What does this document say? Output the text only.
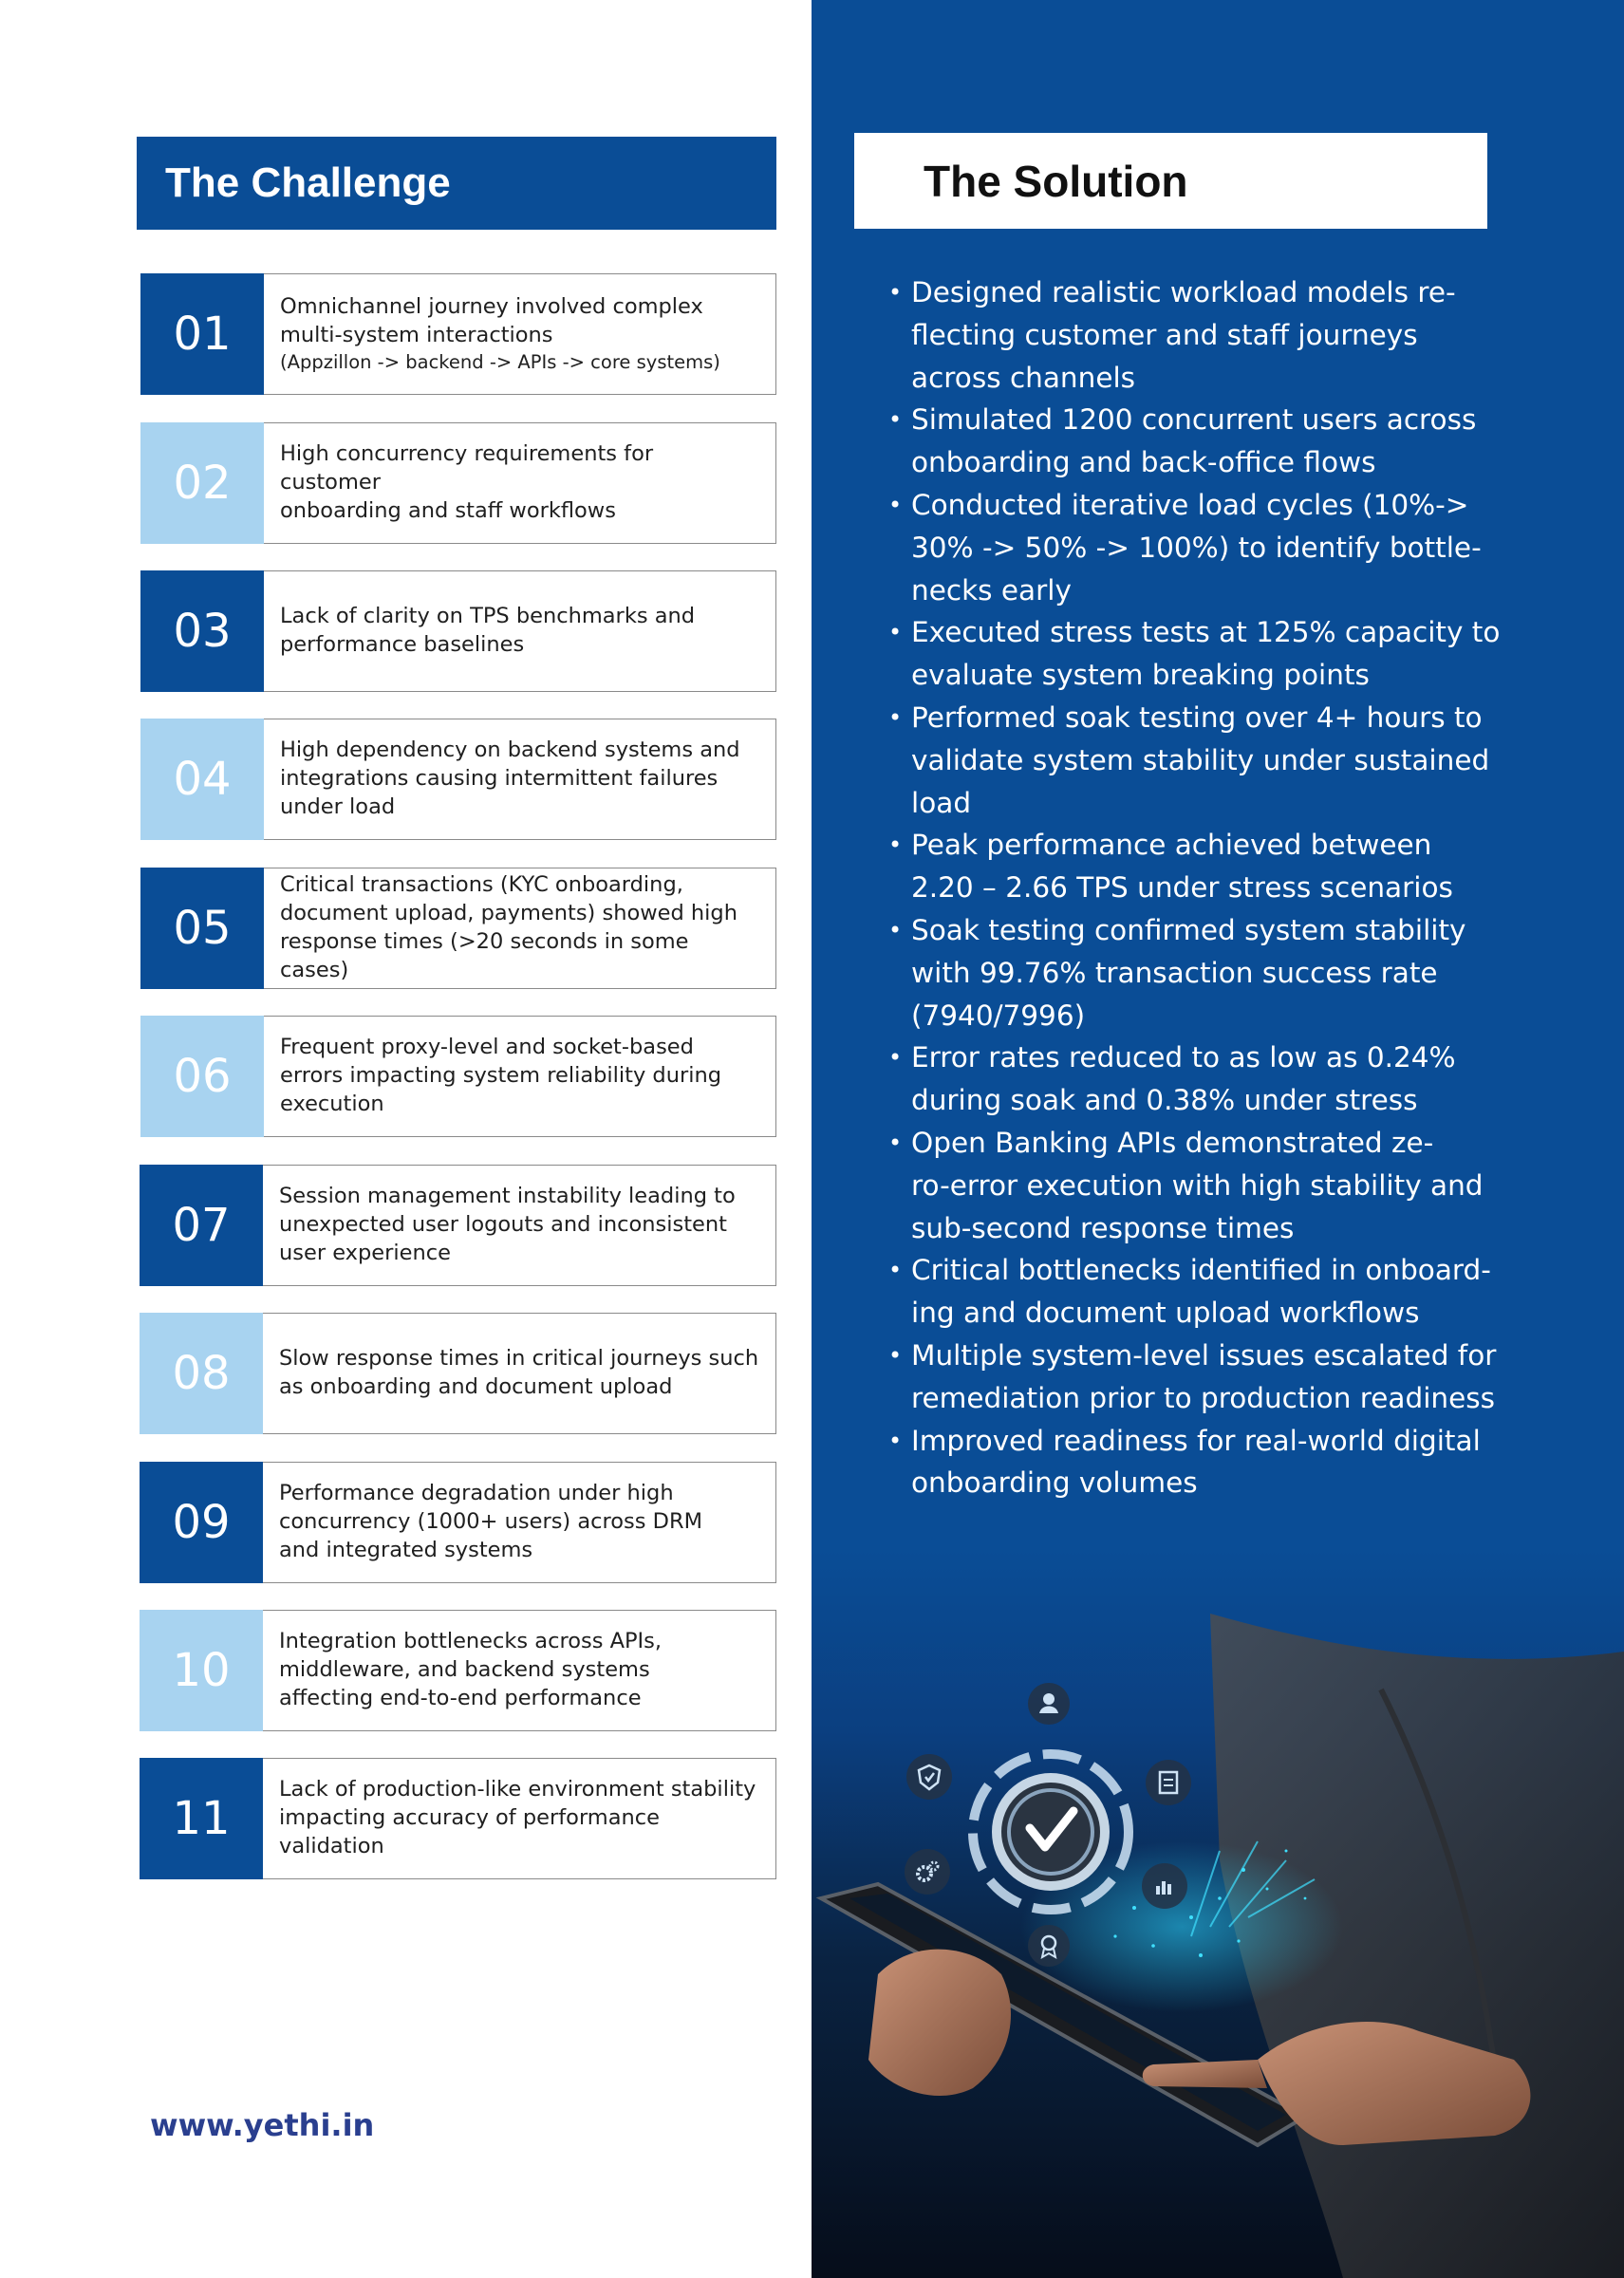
The Challenge
01
Omnichannel journey involved complex
multi-system interactions
(Appzillon -> backend -> APIs -> core systems)
02
High concurrency requirements for customer
onboarding and staff workflows
03	Lack of clarity on TPS benchmarks and
performance baselines
04
High dependency on backend systems and
integrations causing intermittent failures
under load
05
Critical transactions (KYC onboarding,
document upload, payments) showed high
response times (>20 seconds in some cases)
06
Frequent proxy-level and socket-based
errors impacting system reliability during
execution
07
Session management instability leading to
unexpected user logouts and inconsistent
user experience
08	Slow response times in critical journeys such
as onboarding and document upload
09
Performance degradation under high
concurrency (1000+ users) across DRM
and integrated systems
10
Integration bottlenecks across APIs,
middleware, and backend systems
affecting end-to-end performance
11
Lack of production-like environment stability
impacting accuracy of performance
validation
www.yethi.in
The Solution
• Designed realistic workload models re-
flecting customer and staff journeys
across channels
• Simulated 1200 concurrent users across
onboarding and back-office flows
• Conducted iterative load cycles (10%->
30% -> 50% -> 100%) to identify bottle-
necks early
• Executed stress tests at 125% capacity to
evaluate system breaking points
• Performed soak testing over 4+ hours to
validate system stability under sustained
load
• Peak performance achieved between
2.20 – 2.66 TPS under stress scenarios
• Soak testing confirmed system stability
with 99.76% transaction success rate
(7940/7996)
• Error rates reduced to as low as 0.24%
during soak and 0.38% under stress
• Open Banking APIs demonstrated ze-
ro-error execution with high stability and
sub-second response times
• Critical bottlenecks identified in onboard-
ing and document upload workflows
• Multiple system-level issues escalated for
remediation prior to production readiness
• Improved readiness for real-world digital
onboarding volumes
